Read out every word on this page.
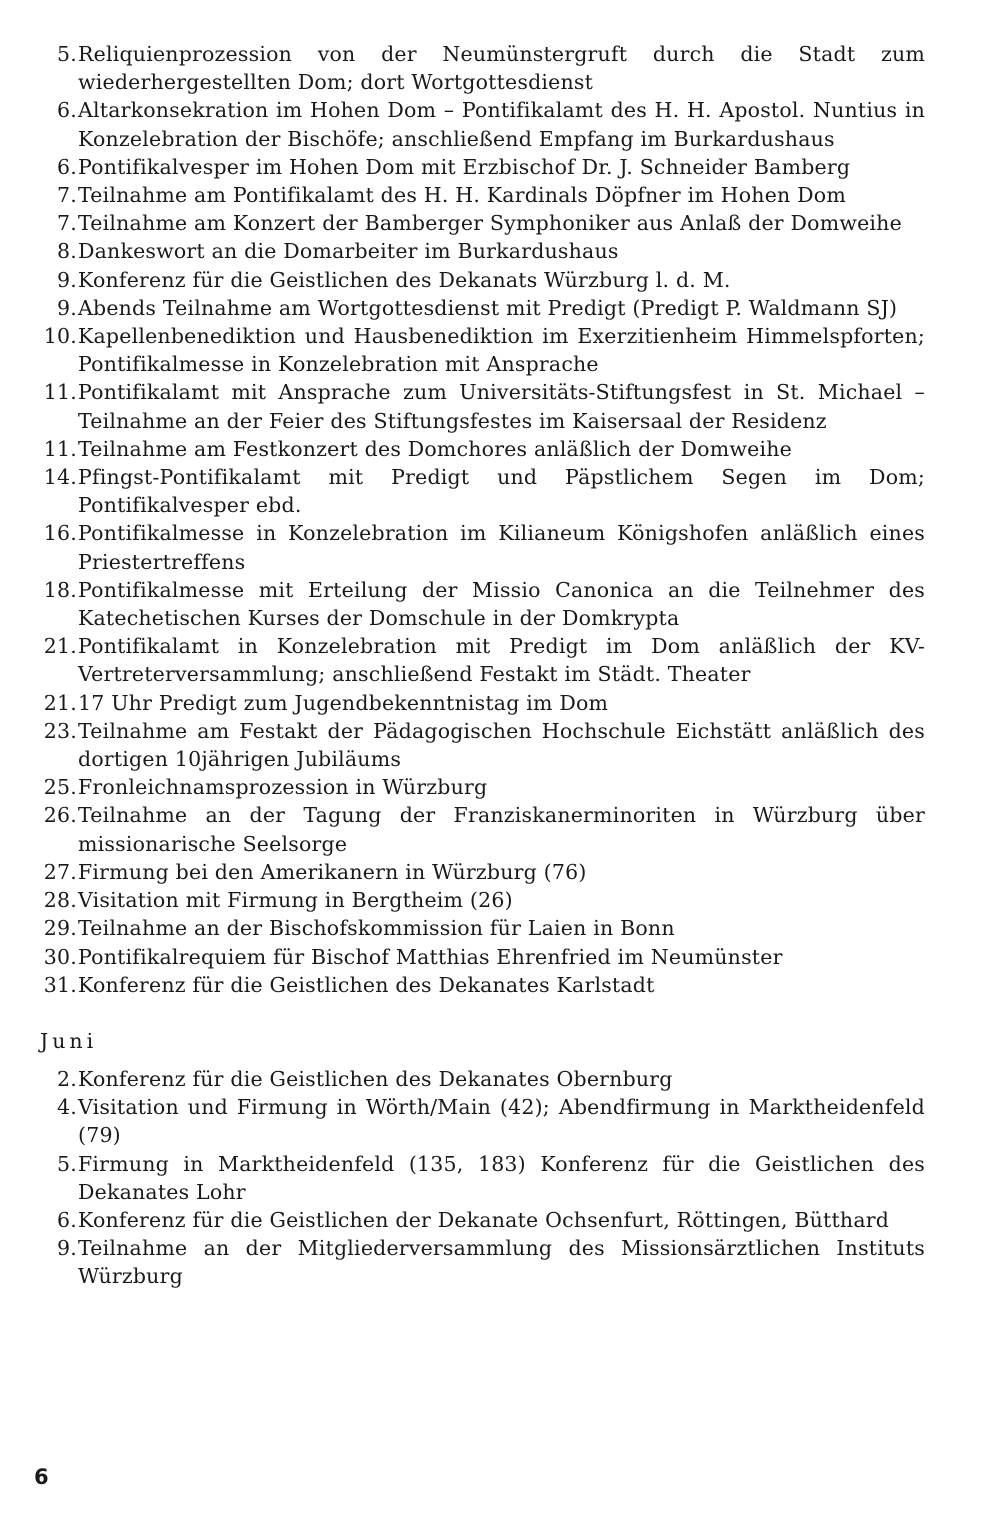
5. Reliquienprozession von der Neumünstergruft durch die Stadt zum wiederhergestellten Dom; dort Wortgottesdienst
6. Altarkonsekration im Hohen Dom – Pontifikalamt des H. H. Apostol. Nuntius in Konzelebration der Bischöfe; anschließend Empfang im Burkardushaus
6. Pontifikalvesper im Hohen Dom mit Erzbischof Dr. J. Schneider Bamberg
7. Teilnahme am Pontifikalamt des H. H. Kardinals Döpfner im Hohen Dom
7. Teilnahme am Konzert der Bamberger Symphoniker aus Anlaß der Domweihe
8. Dankeswort an die Domarbeiter im Burkardushaus
9. Konferenz für die Geistlichen des Dekanats Würzburg l. d. M.
9. Abends Teilnahme am Wortgottesdienst mit Predigt (Predigt P. Waldmann SJ)
10. Kapellenbenediktion und Hausbenediktion im Exerzitienheim Himmelspforten; Pontifikalmesse in Konzelebration mit Ansprache
11. Pontifikalamt mit Ansprache zum Universitäts-Stiftungsfest in St. Michael – Teilnahme an der Feier des Stiftungsfestes im Kaisersaal der Residenz
11. Teilnahme am Festkonzert des Domchores anläßlich der Domweihe
14. Pfingst-Pontifikalamt mit Predigt und Päpstlichem Segen im Dom; Pontifikalvesper ebd.
16. Pontifikalmesse in Konzelebration im Kilianeum Königshofen anläßlich eines Priestertreffens
18. Pontifikalmesse mit Erteilung der Missio Canonica an die Teilnehmer des Katechetischen Kurses der Domschule in der Domkrypta
21. Pontifikalamt in Konzelebration mit Predigt im Dom anläßlich der KV-Vertreterversammlung; anschließend Festakt im Städt. Theater
21. 17 Uhr Predigt zum Jugendbekenntnistag im Dom
23. Teilnahme am Festakt der Pädagogischen Hochschule Eichstätt anläßlich des dortigen 10jährigen Jubiläums
25. Fronleichnamsprozession in Würzburg
26. Teilnahme an der Tagung der Franziskanerminoriten in Würzburg über missionarische Seelsorge
27. Firmung bei den Amerikanern in Würzburg (76)
28. Visitation mit Firmung in Bergtheim (26)
29. Teilnahme an der Bischofskommission für Laien in Bonn
30. Pontifikalrequiem für Bischof Matthias Ehrenfried im Neumünster
31. Konferenz für die Geistlichen des Dekanates Karlstadt
Juni
2. Konferenz für die Geistlichen des Dekanates Obernburg
4. Visitation und Firmung in Wörth/Main (42); Abendfirmung in Marktheidenfeld (79)
5. Firmung in Marktheidenfeld (135, 183) Konferenz für die Geistlichen des Dekanates Lohr
6. Konferenz für die Geistlichen der Dekanate Ochsenfurt, Röttingen, Bütthard
9. Teilnahme an der Mitgliederversammlung des Missionsärztlichen Instituts Würzburg
6
